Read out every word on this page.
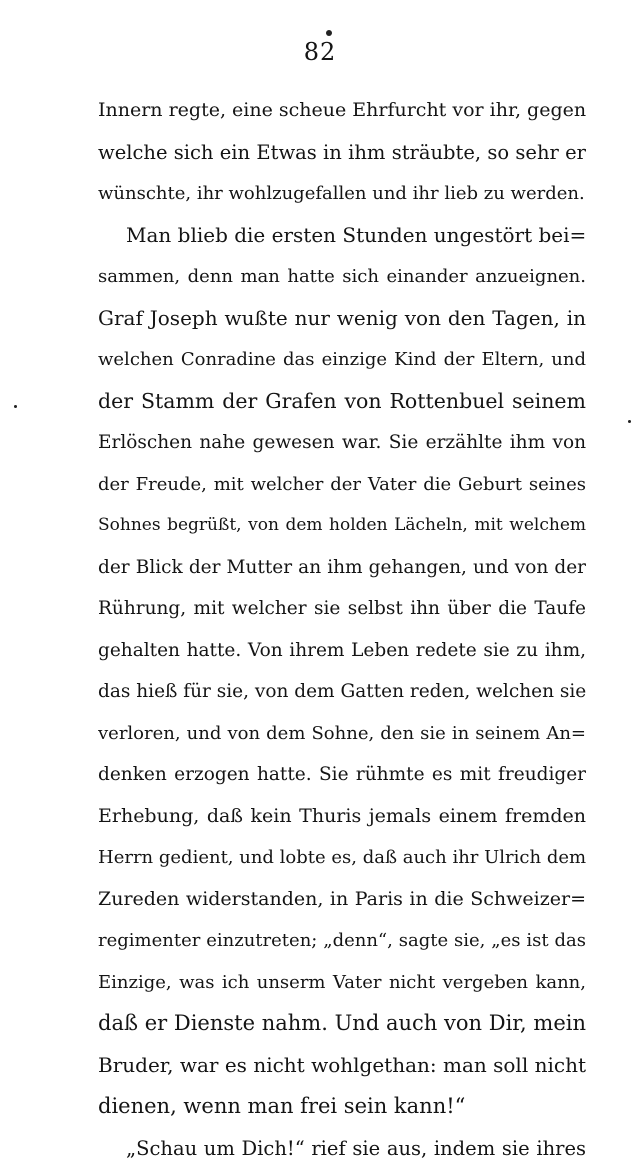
82
Innern regte, eine scheue Ehrfurcht vor ihr, gegen
welche sich ein Etwas in ihm sträubte, so sehr er
wünschte, ihr wohlzugefallen und ihr lieb zu werden.
Man blieb die ersten Stunden ungestört bei=
sammen, denn man hatte sich einander anzueignen.
Graf Joseph wußte nur wenig von den Tagen, in
welchen Conradine das einzige Kind der Eltern, und
der Stamm der Grafen von Rottenbuel seinem
Erlöschen nahe gewesen war. Sie erzählte ihm von
der Freude, mit welcher der Vater die Geburt seines
Sohnes begrüßt, von dem holden Lächeln, mit welchem
der Blick der Mutter an ihm gehangen, und von der
Rührung, mit welcher sie selbst ihn über die Taufe
gehalten hatte. Von ihrem Leben redete sie zu ihm,
das hieß für sie, von dem Gatten reden, welchen sie
verloren, und von dem Sohne, den sie in seinem An=
denken erzogen hatte. Sie rühmte es mit freudiger
Erhebung, daß kein Thuris jemals einem fremden
Herrn gedient, und lobte es, daß auch ihr Ulrich dem
Zureden widerstanden, in Paris in die Schweizer=
regimenter einzutreten; „denn“, sagte sie, „es ist das
Einzige, was ich unserm Vater nicht vergeben kann,
daß er Dienste nahm. Und auch von Dir, mein
Bruder, war es nicht wohlgethan: man soll nicht
dienen, wenn man frei sein kann!“
„Schau um Dich!“ rief sie aus, indem sie ihres
